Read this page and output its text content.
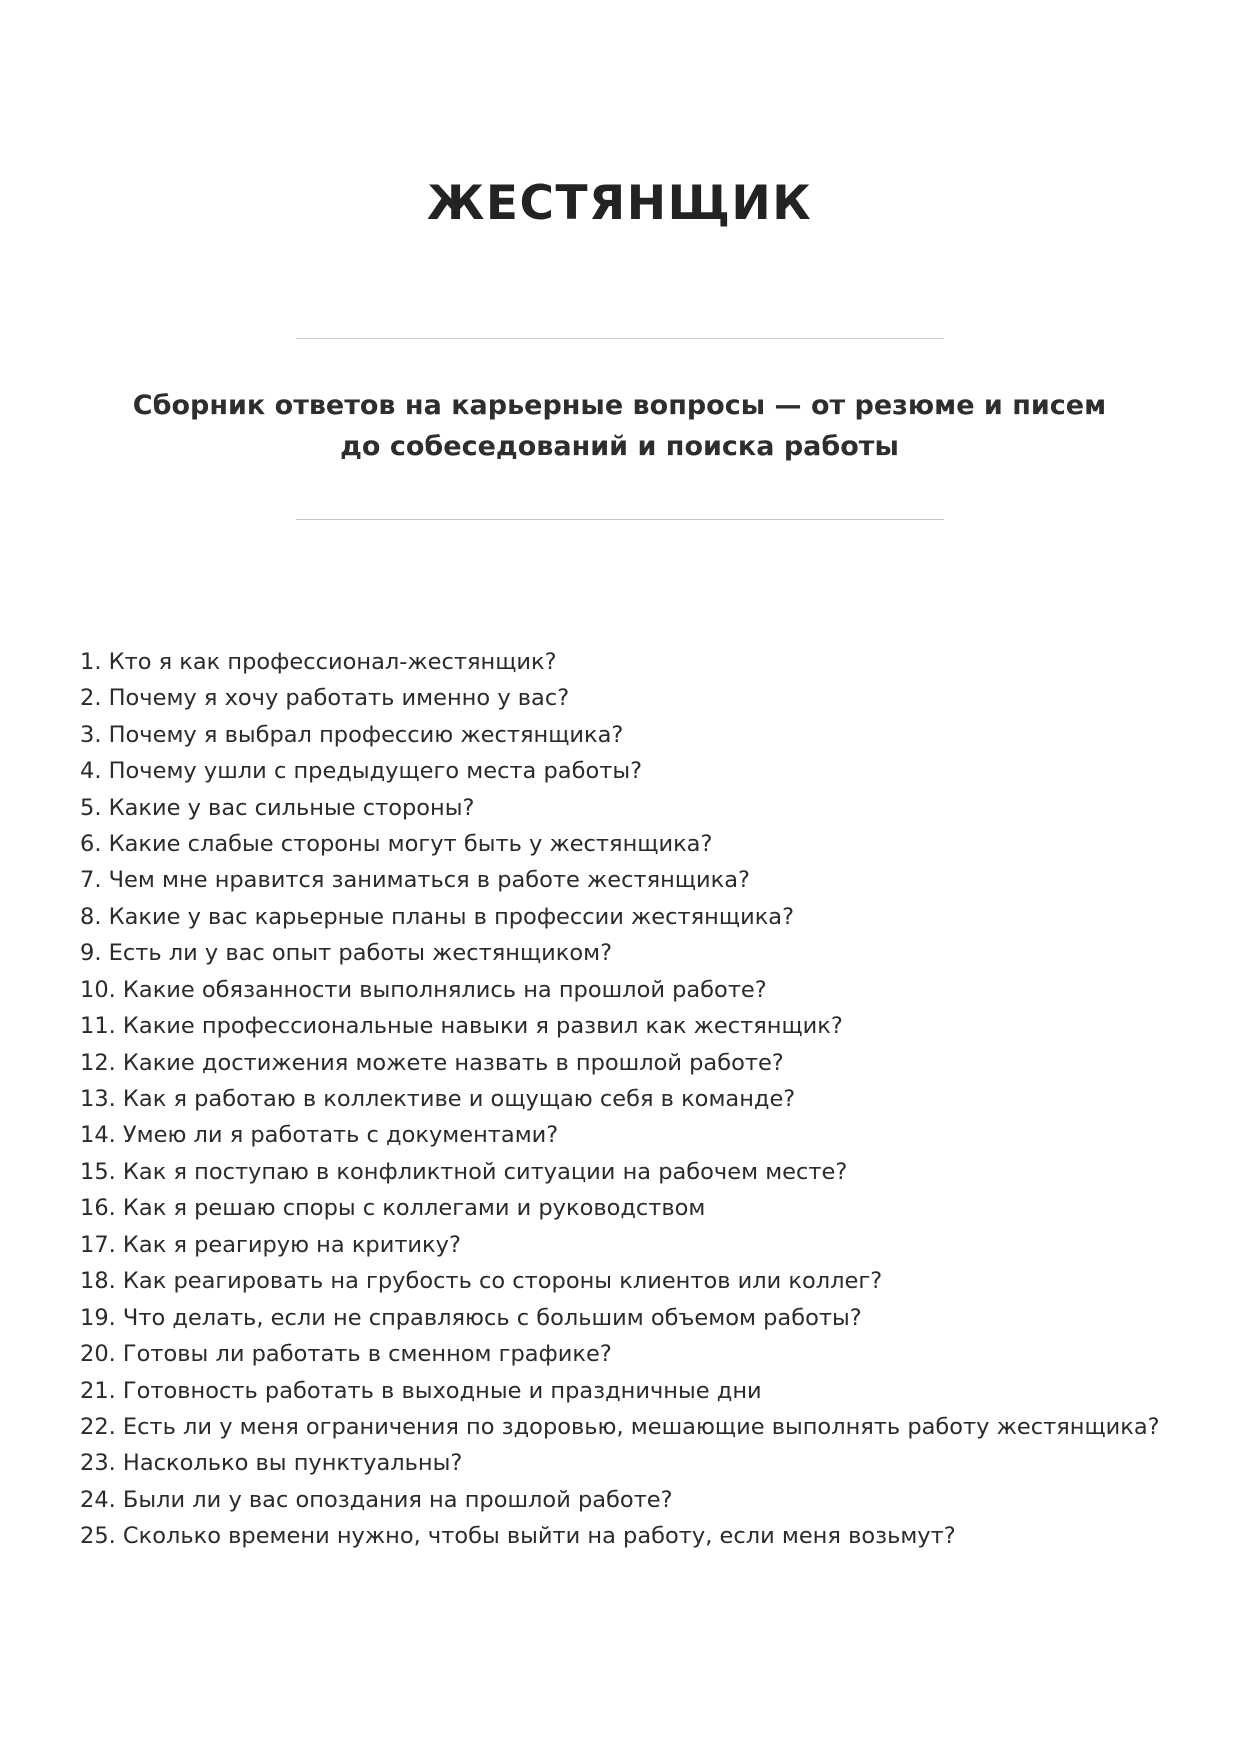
ЖЕСТЯНЩИК

Сборник ответов на карьерные вопросы — от резюме и писем до собеседований и поиска работы

1. Кто я как профессионал-жестянщик?
2. Почему я хочу работать именно у вас?
3. Почему я выбрал профессию жестянщика?
4. Почему ушли с предыдущего места работы?
5. Какие у вас сильные стороны?
6. Какие слабые стороны могут быть у жестянщика?
7. Чем мне нравится заниматься в работе жестянщика?
8. Какие у вас карьерные планы в профессии жестянщика?
9. Есть ли у вас опыт работы жестянщиком?
10. Какие обязанности выполнялись на прошлой работе?
11. Какие профессиональные навыки я развил как жестянщик?
12. Какие достижения можете назвать в прошлой работе?
13. Как я работаю в коллективе и ощущаю себя в команде?
14. Умею ли я работать с документами?
15. Как я поступаю в конфликтной ситуации на рабочем месте?
16. Как я решаю споры с коллегами и руководством
17. Как я реагирую на критику?
18. Как реагировать на грубость со стороны клиентов или коллег?
19. Что делать, если не справляюсь с большим объемом работы?
20. Готовы ли работать в сменном графике?
21. Готовность работать в выходные и праздничные дни
22. Есть ли у меня ограничения по здоровью, мешающие выполнять работу жестянщика?
23. Насколько вы пунктуальны?
24. Были ли у вас опоздания на прошлой работе?
25. Сколько времени нужно, чтобы выйти на работу, если меня возьмут?
